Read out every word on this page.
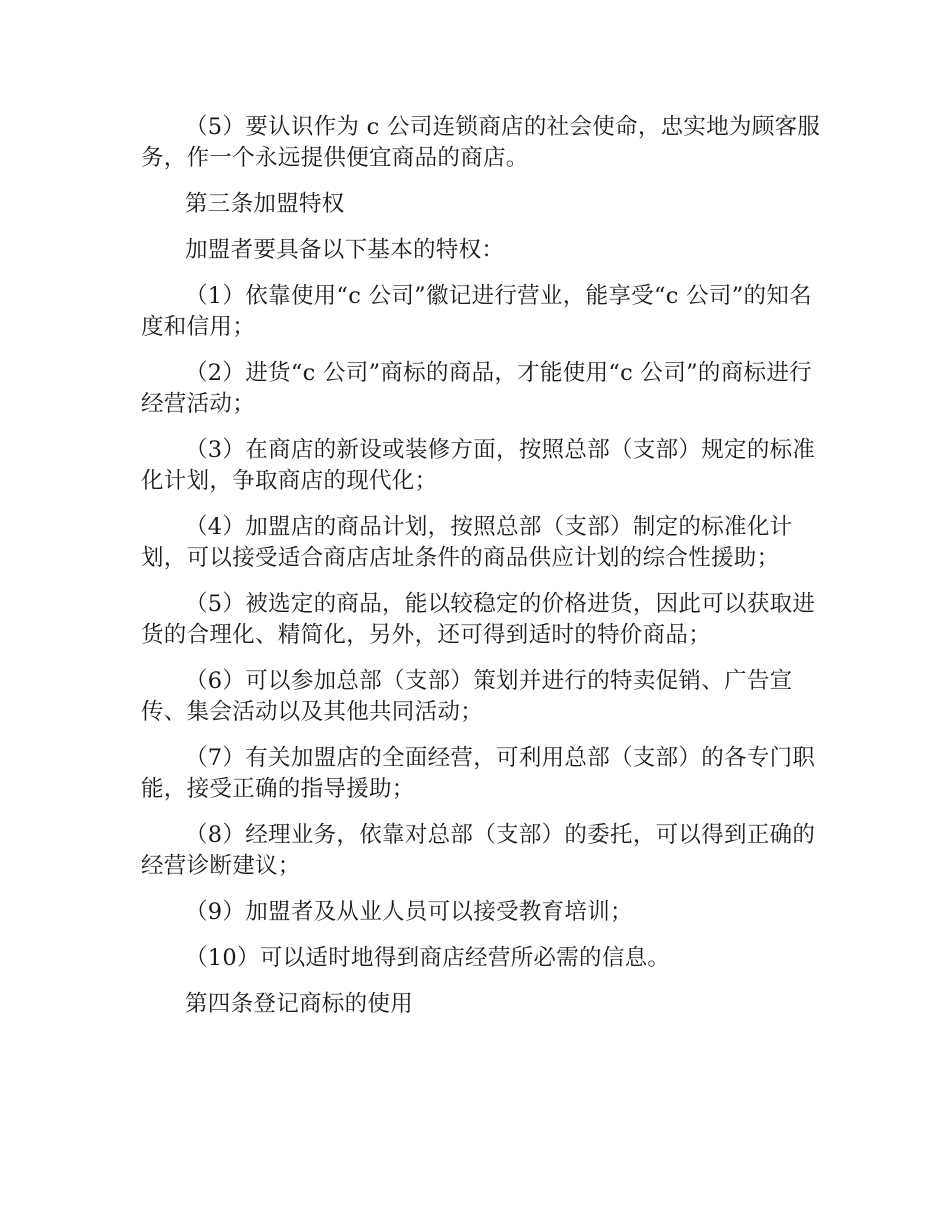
（5）要认识作为 c 公司连锁商店的社会使命，忠实地为顾客服务，作一个永远提供便宜商品的商店。

第三条加盟特权

加盟者要具备以下基本的特权：

（1）依靠使用“c 公司”徽记进行营业，能享受“c 公司”的知名度和信用；

（2）进货“c 公司”商标的商品，才能使用“c 公司”的商标进行经营活动；

（3）在商店的新设或装修方面，按照总部（支部）规定的标准化计划，争取商店的现代化；

（4）加盟店的商品计划，按照总部（支部）制定的标准化计划，可以接受适合商店店址条件的商品供应计划的综合性援助；

（5）被选定的商品，能以较稳定的价格进货，因此可以获取进货的合理化、精简化，另外，还可得到适时的特价商品；

（6）可以参加总部（支部）策划并进行的特卖促销、广告宣传、集会活动以及其他共同活动；

（7）有关加盟店的全面经营，可利用总部（支部）的各专门职能，接受正确的指导援助；

（8）经理业务，依靠对总部（支部）的委托，可以得到正确的经营诊断建议；

（9）加盟者及从业人员可以接受教育培训；

（10）可以适时地得到商店经营所必需的信息。

第四条登记商标的使用
